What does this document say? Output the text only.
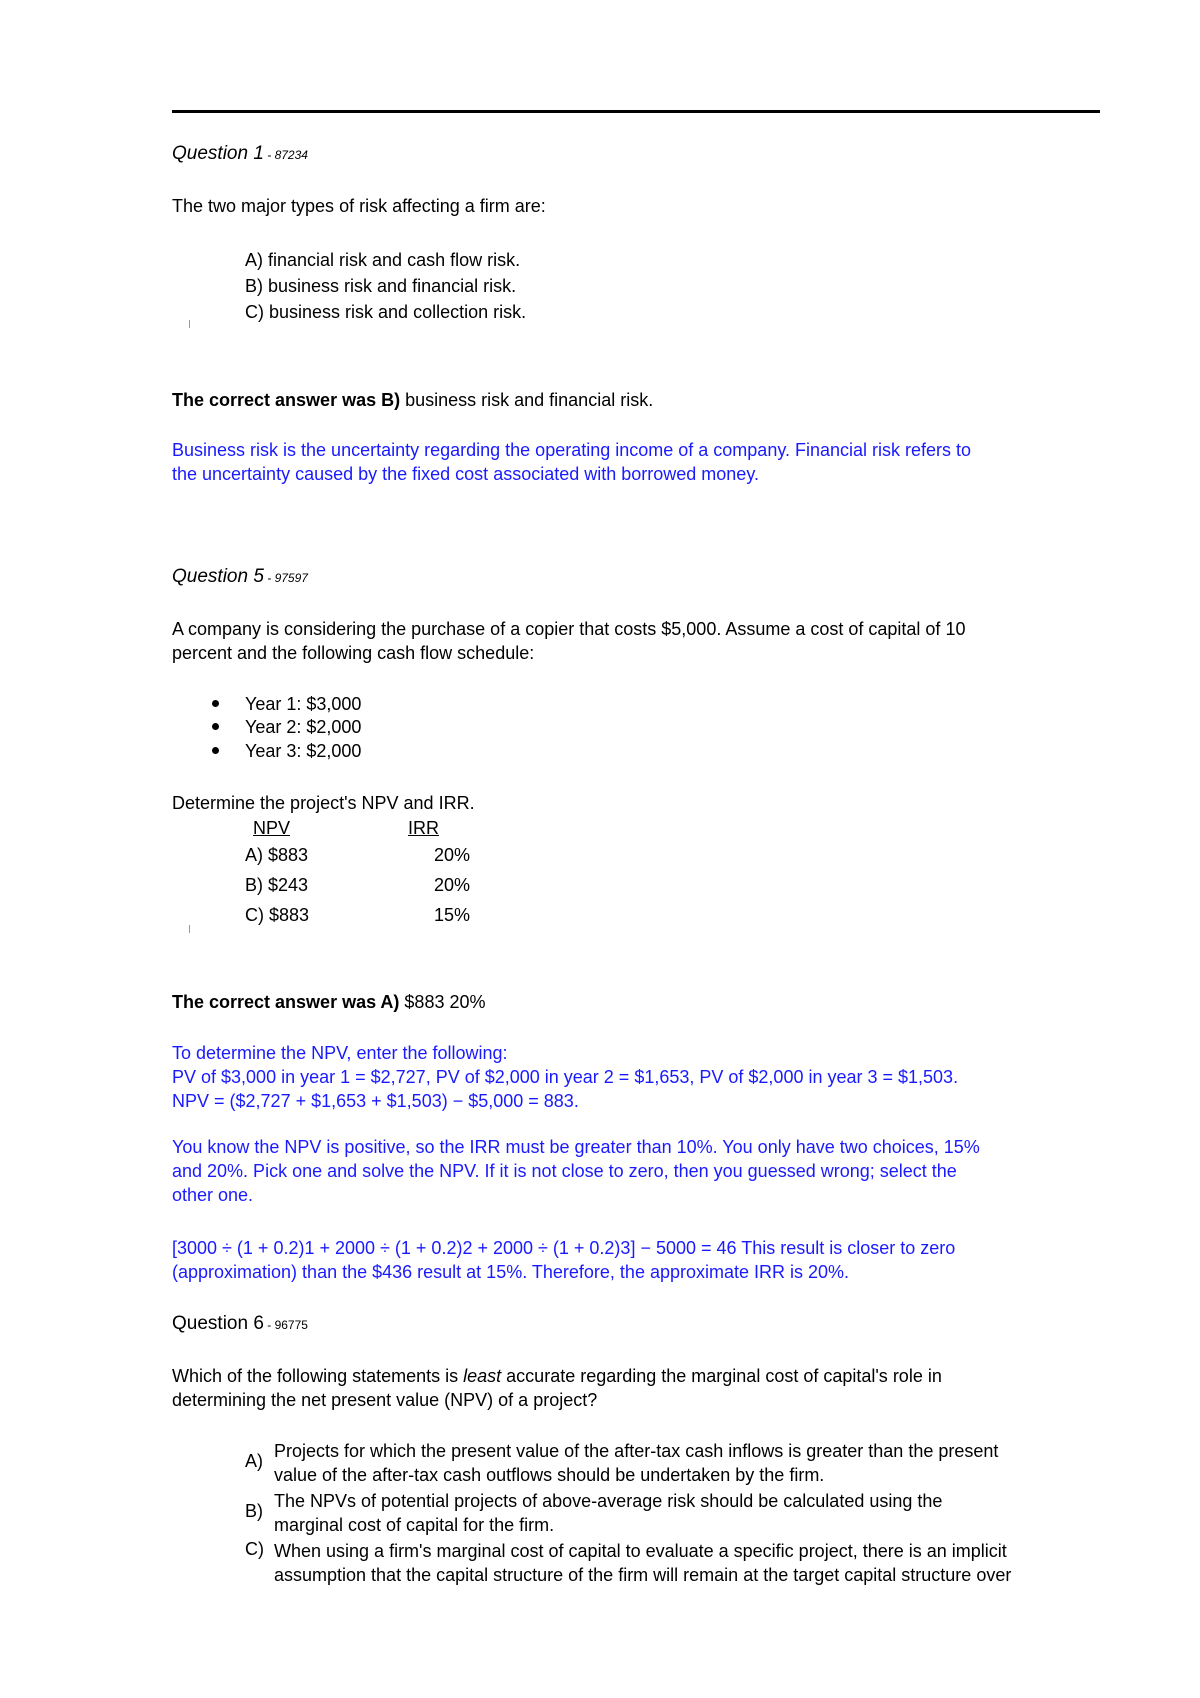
Question 1 - 87234
The two major types of risk affecting a firm are:
A) financial risk and cash flow risk.
B) business risk and financial risk.
C) business risk and collection risk.
The correct answer was B) business risk and financial risk.
Business risk is the uncertainty regarding the operating income of a company. Financial risk refers to
the uncertainty caused by the fixed cost associated with borrowed money.
Question 5 - 97597
A company is considering the purchase of a copier that costs $5,000. Assume a cost of capital of 10
percent and the following cash flow schedule:
Year 1: $3,000
Year 2: $2,000
Year 3: $2,000
Determine the project's NPV and IRR.
NPV	IRR
A) $883	20%
B) $243	20%
C) $883	15%
The correct answer was A) $883 20%
To determine the NPV, enter the following:
PV of $3,000 in year 1 = $2,727, PV of $2,000 in year 2 = $1,653, PV of $2,000 in year 3 = $1,503.
NPV = ($2,727 + $1,653 + $1,503) − $5,000 = 883.
You know the NPV is positive, so the IRR must be greater than 10%. You only have two choices, 15%
and 20%. Pick one and solve the NPV. If it is not close to zero, then you guessed wrong; select the
other one.
[3000 ÷ (1 + 0.2)1 + 2000 ÷ (1 + 0.2)2 + 2000 ÷ (1 + 0.2)3] − 5000 = 46 This result is closer to zero
(approximation) than the $436 result at 15%. Therefore, the approximate IRR is 20%.
Question 6 - 96775
Which of the following statements is least accurate regarding the marginal cost of capital's role in
determining the net present value (NPV) of a project?
A) Projects for which the present value of the after-tax cash inflows is greater than the present
value of the after-tax cash outflows should be undertaken by the firm.
B) The NPVs of potential projects of above-average risk should be calculated using the
marginal cost of capital for the firm.
C) When using a firm's marginal cost of capital to evaluate a specific project, there is an implicit
assumption that the capital structure of the firm will remain at the target capital structure over
